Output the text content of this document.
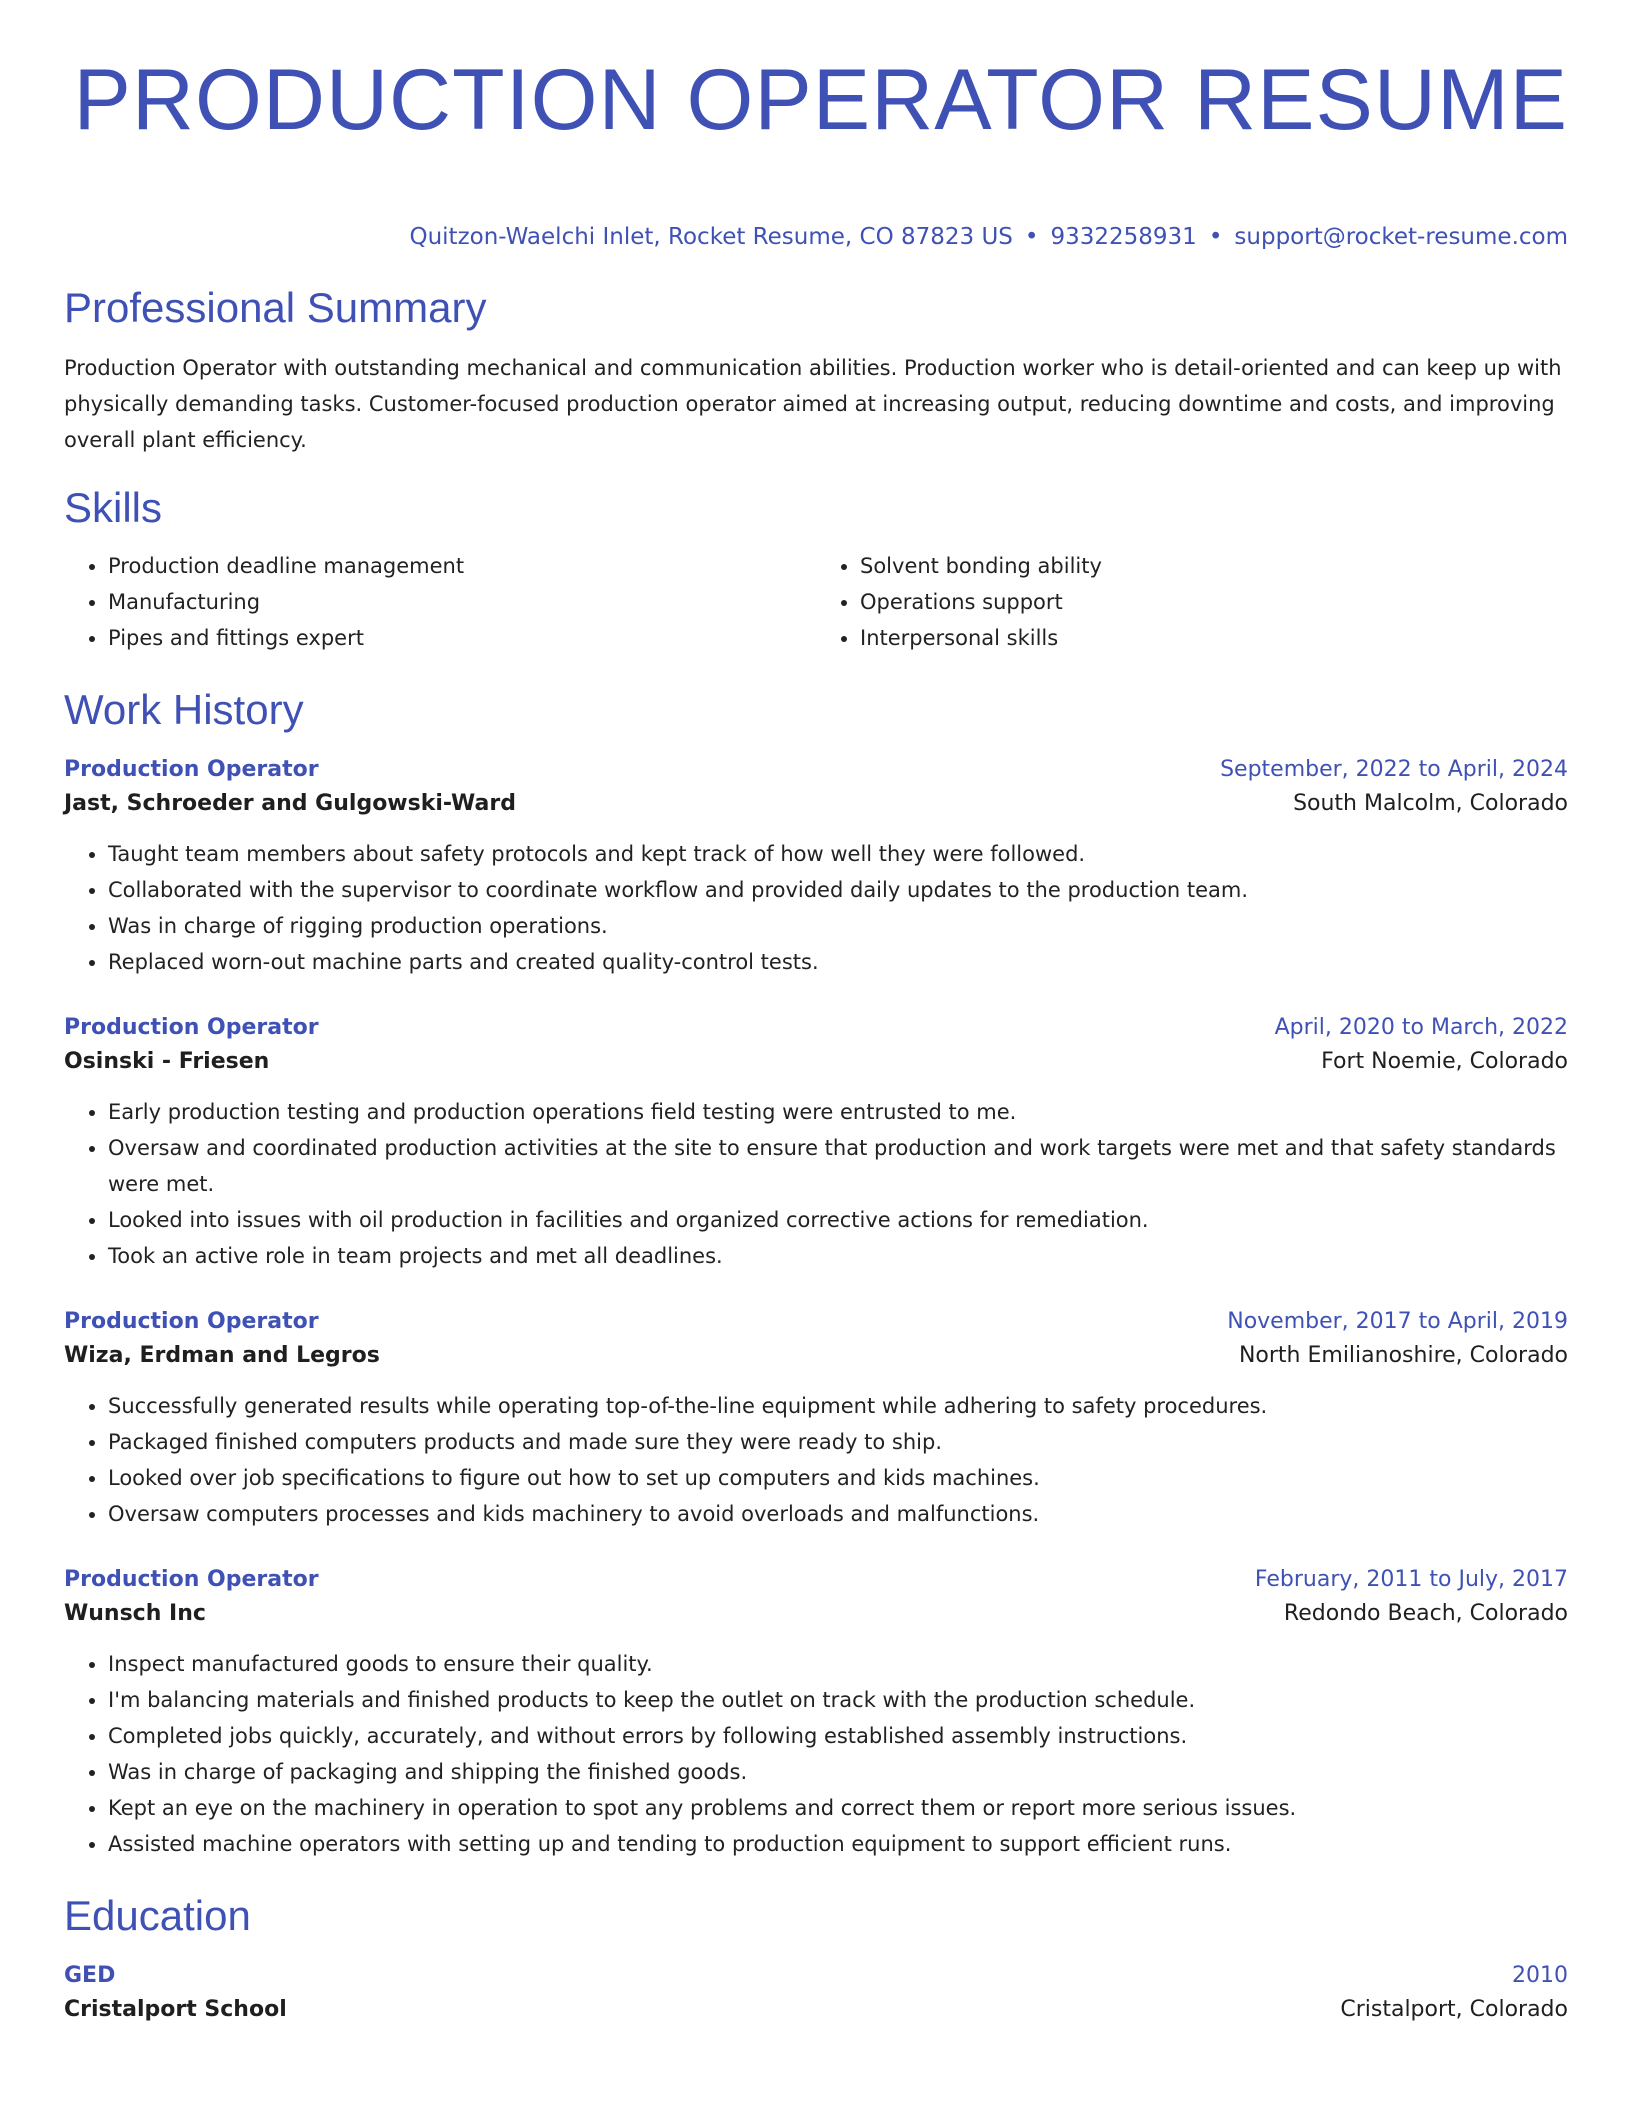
PRODUCTION OPERATOR RESUME
Quitzon-Waelchi Inlet, Rocket Resume, CO 87823 US • 9332258931 • support@rocket-resume.com
Professional Summary
Production Operator with outstanding mechanical and communication abilities. Production worker who is detail-oriented and can keep up with physically demanding tasks. Customer-focused production operator aimed at increasing output, reducing downtime and costs, and improving overall plant efficiency.
Skills
• Production deadline management
• Manufacturing
• Pipes and fittings expert
• Solvent bonding ability
• Operations support
• Interpersonal skills
Work History
Production Operator	September, 2022 to April, 2024
Jast, Schroeder and Gulgowski-Ward	South Malcolm, Colorado
• Taught team members about safety protocols and kept track of how well they were followed.
• Collaborated with the supervisor to coordinate workflow and provided daily updates to the production team.
• Was in charge of rigging production operations.
• Replaced worn-out machine parts and created quality-control tests.
Production Operator	April, 2020 to March, 2022
Osinski - Friesen	Fort Noemie, Colorado
• Early production testing and production operations field testing were entrusted to me.
• Oversaw and coordinated production activities at the site to ensure that production and work targets were met and that safety standards were met.
• Looked into issues with oil production in facilities and organized corrective actions for remediation.
• Took an active role in team projects and met all deadlines.
Production Operator	November, 2017 to April, 2019
Wiza, Erdman and Legros	North Emilianoshire, Colorado
• Successfully generated results while operating top-of-the-line equipment while adhering to safety procedures.
• Packaged finished computers products and made sure they were ready to ship.
• Looked over job specifications to figure out how to set up computers and kids machines.
• Oversaw computers processes and kids machinery to avoid overloads and malfunctions.
Production Operator	February, 2011 to July, 2017
Wunsch Inc	Redondo Beach, Colorado
• Inspect manufactured goods to ensure their quality.
• I'm balancing materials and finished products to keep the outlet on track with the production schedule.
• Completed jobs quickly, accurately, and without errors by following established assembly instructions.
• Was in charge of packaging and shipping the finished goods.
• Kept an eye on the machinery in operation to spot any problems and correct them or report more serious issues.
• Assisted machine operators with setting up and tending to production equipment to support efficient runs.
Education
GED	2010
Cristalport School	Cristalport, Colorado
